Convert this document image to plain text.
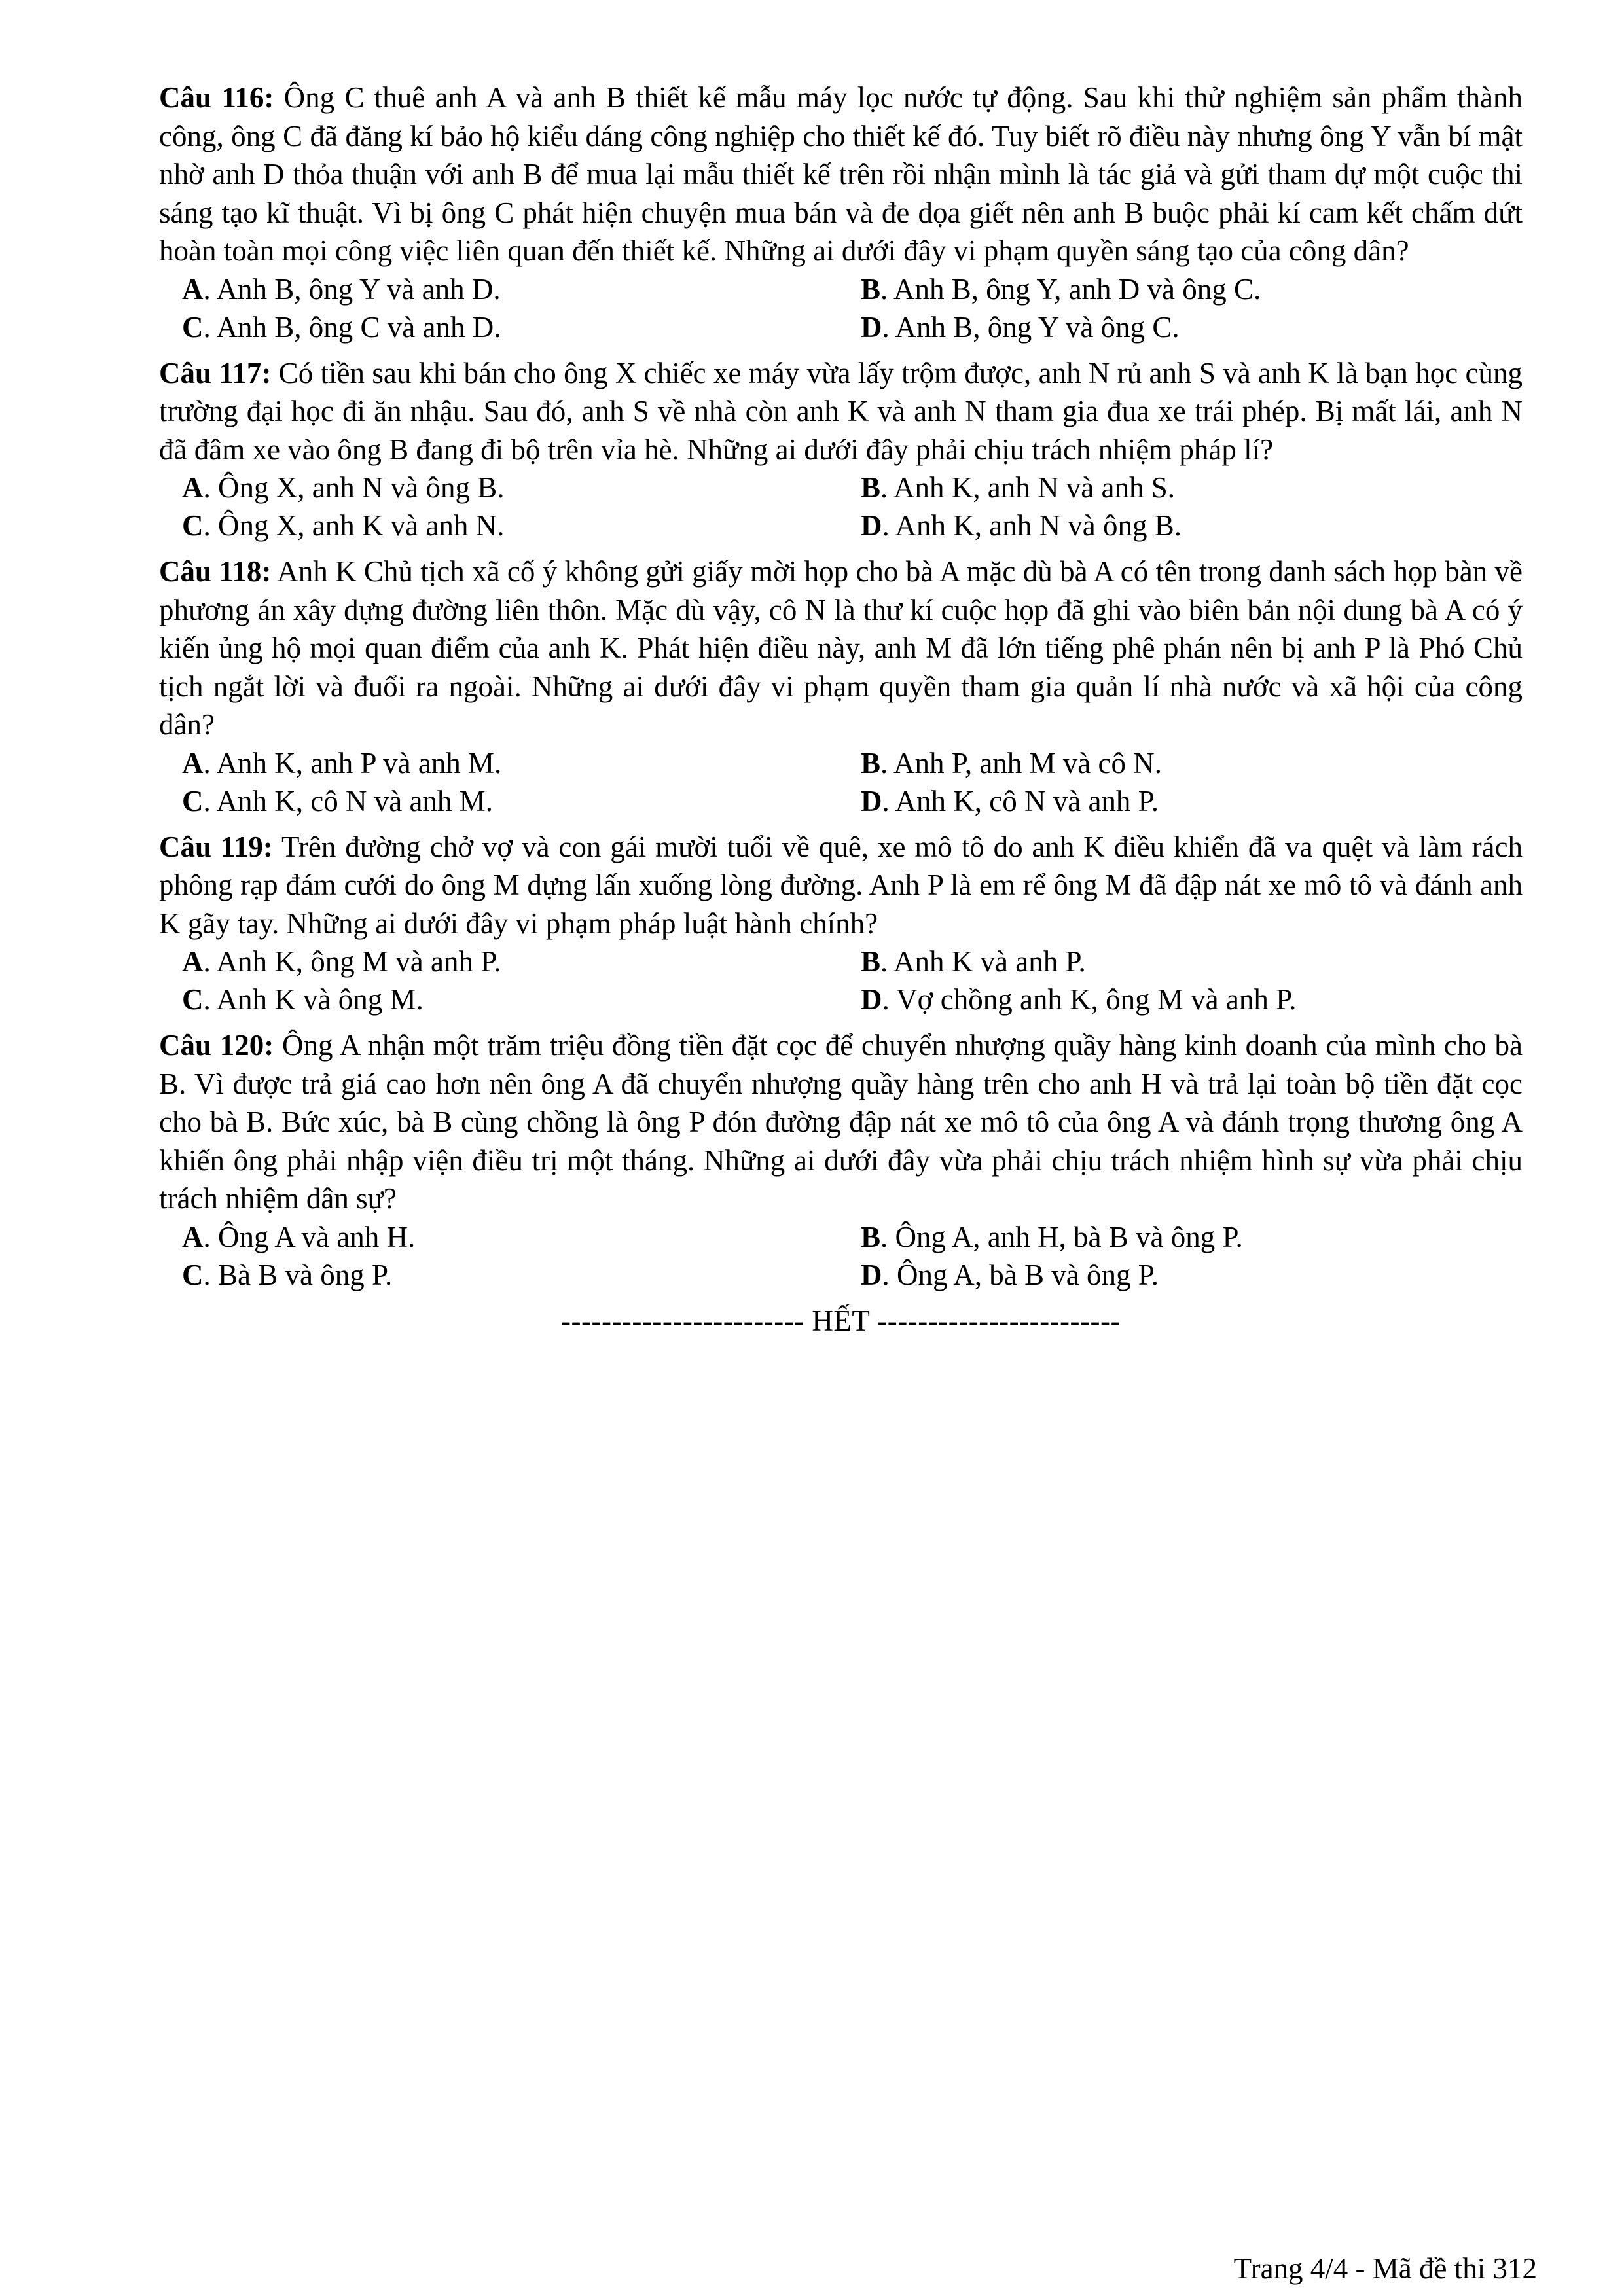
Câu 116: Ông C thuê anh A và anh B thiết kế mẫu máy lọc nước tự động. Sau khi thử nghiệm sản phẩm thành công, ông C đã đăng kí bảo hộ kiểu dáng công nghiệp cho thiết kế đó. Tuy biết rõ điều này nhưng ông Y vẫn bí mật nhờ anh D thỏa thuận với anh B để mua lại mẫu thiết kế trên rồi nhận mình là tác giả và gửi tham dự một cuộc thi sáng tạo kĩ thuật. Vì bị ông C phát hiện chuyện mua bán và đe dọa giết nên anh B buộc phải kí cam kết chấm dứt hoàn toàn mọi công việc liên quan đến thiết kế. Những ai dưới đây vi phạm quyền sáng tạo của công dân?

A. Anh B, ông Y và anh D.	B. Anh B, ông Y, anh D và ông C.
C. Anh B, ông C và anh D.	D. Anh B, ông Y và ông C.

Câu 117: Có tiền sau khi bán cho ông X chiếc xe máy vừa lấy trộm được, anh N rủ anh S và anh K là bạn học cùng trường đại học đi ăn nhậu. Sau đó, anh S về nhà còn anh K và anh N tham gia đua xe trái phép. Bị mất lái, anh N đã đâm xe vào ông B đang đi bộ trên vỉa hè. Những ai dưới đây phải chịu trách nhiệm pháp lí?

A. Ông X, anh N và ông B.	B. Anh K, anh N và anh S.
C. Ông X, anh K và anh N.	D. Anh K, anh N và ông B.

Câu 118: Anh K Chủ tịch xã cố ý không gửi giấy mời họp cho bà A mặc dù bà A có tên trong danh sách họp bàn về phương án xây dựng đường liên thôn. Mặc dù vậy, cô N là thư kí cuộc họp đã ghi vào biên bản nội dung bà A có ý kiến ủng hộ mọi quan điểm của anh K. Phát hiện điều này, anh M đã lớn tiếng phê phán nên bị anh P là Phó Chủ tịch ngắt lời và đuổi ra ngoài. Những ai dưới đây vi phạm quyền tham gia quản lí nhà nước và xã hội của công dân?

A. Anh K, anh P và anh M.	B. Anh P, anh M và cô N.
C. Anh K, cô N và anh M.	D. Anh K, cô N và anh P.

Câu 119: Trên đường chở vợ và con gái mười tuổi về quê, xe mô tô do anh K điều khiển đã va quệt và làm rách phông rạp đám cưới do ông M dựng lấn xuống lòng đường. Anh P là em rể ông M đã đập nát xe mô tô và đánh anh K gãy tay. Những ai dưới đây vi phạm pháp luật hành chính?

A. Anh K, ông M và anh P.	B. Anh K và anh P.
C. Anh K và ông M.	D. Vợ chồng anh K, ông M và anh P.

Câu 120: Ông A nhận một trăm triệu đồng tiền đặt cọc để chuyển nhượng quầy hàng kinh doanh của mình cho bà B. Vì được trả giá cao hơn nên ông A đã chuyển nhượng quầy hàng trên cho anh H và trả lại toàn bộ tiền đặt cọc cho bà B. Bức xúc, bà B cùng chồng là ông P đón đường đập nát xe mô tô của ông A và đánh trọng thương ông A khiến ông phải nhập viện điều trị một tháng. Những ai dưới đây vừa phải chịu trách nhiệm hình sự vừa phải chịu trách nhiệm dân sự?

A. Ông A và anh H.	B. Ông A, anh H, bà B và ông P.
C. Bà B và ông P.	D. Ông A, bà B và ông P.
------------------------ HẾT ------------------------
Trang 4/4 - Mã đề thi 312
